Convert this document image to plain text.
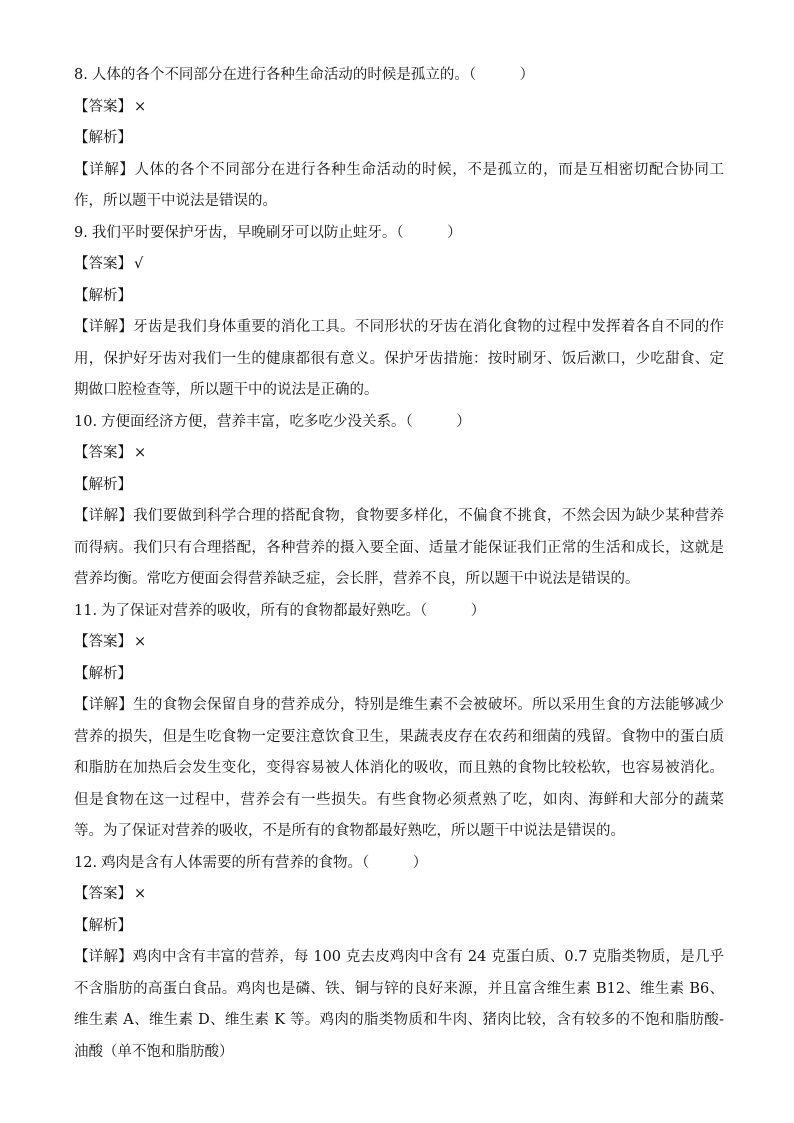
8. 人体的各个不同部分在进行各种生命活动的时候是孤立的。（　　　）

【答案】 ×

【解析】

【详解】人体的各个不同部分在进行各种生命活动的时候，不是孤立的，而是互相密切配合协同工作，所以题干中说法是错误的。

9. 我们平时要保护牙齿，早晚刷牙可以防止蛀牙。（　　　）

【答案】 √

【解析】

【详解】牙齿是我们身体重要的消化工具。不同形状的牙齿在消化食物的过程中发挥着各自不同的作用，保护好牙齿对我们一生的健康都很有意义。保护牙齿措施：按时刷牙、饭后漱口，少吃甜食、定期做口腔检查等，所以题干中的说法是正确的。

10. 方便面经济方便，营养丰富，吃多吃少没关系。（　　　）

【答案】 ×

【解析】

【详解】我们要做到科学合理的搭配食物，食物要多样化，不偏食不挑食，不然会因为缺少某种营养而得病。我们只有合理搭配，各种营养的摄入要全面、适量才能保证我们正常的生活和成长，这就是营养均衡。常吃方便面会得营养缺乏症，会长胖，营养不良，所以题干中说法是错误的。

11. 为了保证对营养的吸收，所有的食物都最好熟吃。（　　　）

【答案】 ×

【解析】

【详解】生的食物会保留自身的营养成分，特别是维生素不会被破坏。所以采用生食的方法能够减少营养的损失，但是生吃食物一定要注意饮食卫生，果蔬表皮存在农药和细菌的残留。食物中的蛋白质和脂肪在加热后会发生变化，变得容易被人体消化的吸收，而且熟的食物比较松软，也容易被消化。但是食物在这一过程中，营养会有一些损失。有些食物必须煮熟了吃，如肉、海鲜和大部分的蔬菜等。为了保证对营养的吸收，不是所有的食物都最好熟吃，所以题干中说法是错误的。

12. 鸡肉是含有人体需要的所有营养的食物。（　　　）

【答案】 ×

【解析】

【详解】鸡肉中含有丰富的营养，每 100 克去皮鸡肉中含有 24 克蛋白质、0.7 克脂类物质，是几乎不含脂肪的高蛋白食品。鸡肉也是磷、铁、铜与锌的良好来源，并且富含维生素 B12、维生素 B6、维生素 A、维生素 D、维生素 K 等。鸡肉的脂类物质和牛肉、猪肉比较，含有较多的不饱和脂肪酸-油酸（单不饱和脂肪酸）
